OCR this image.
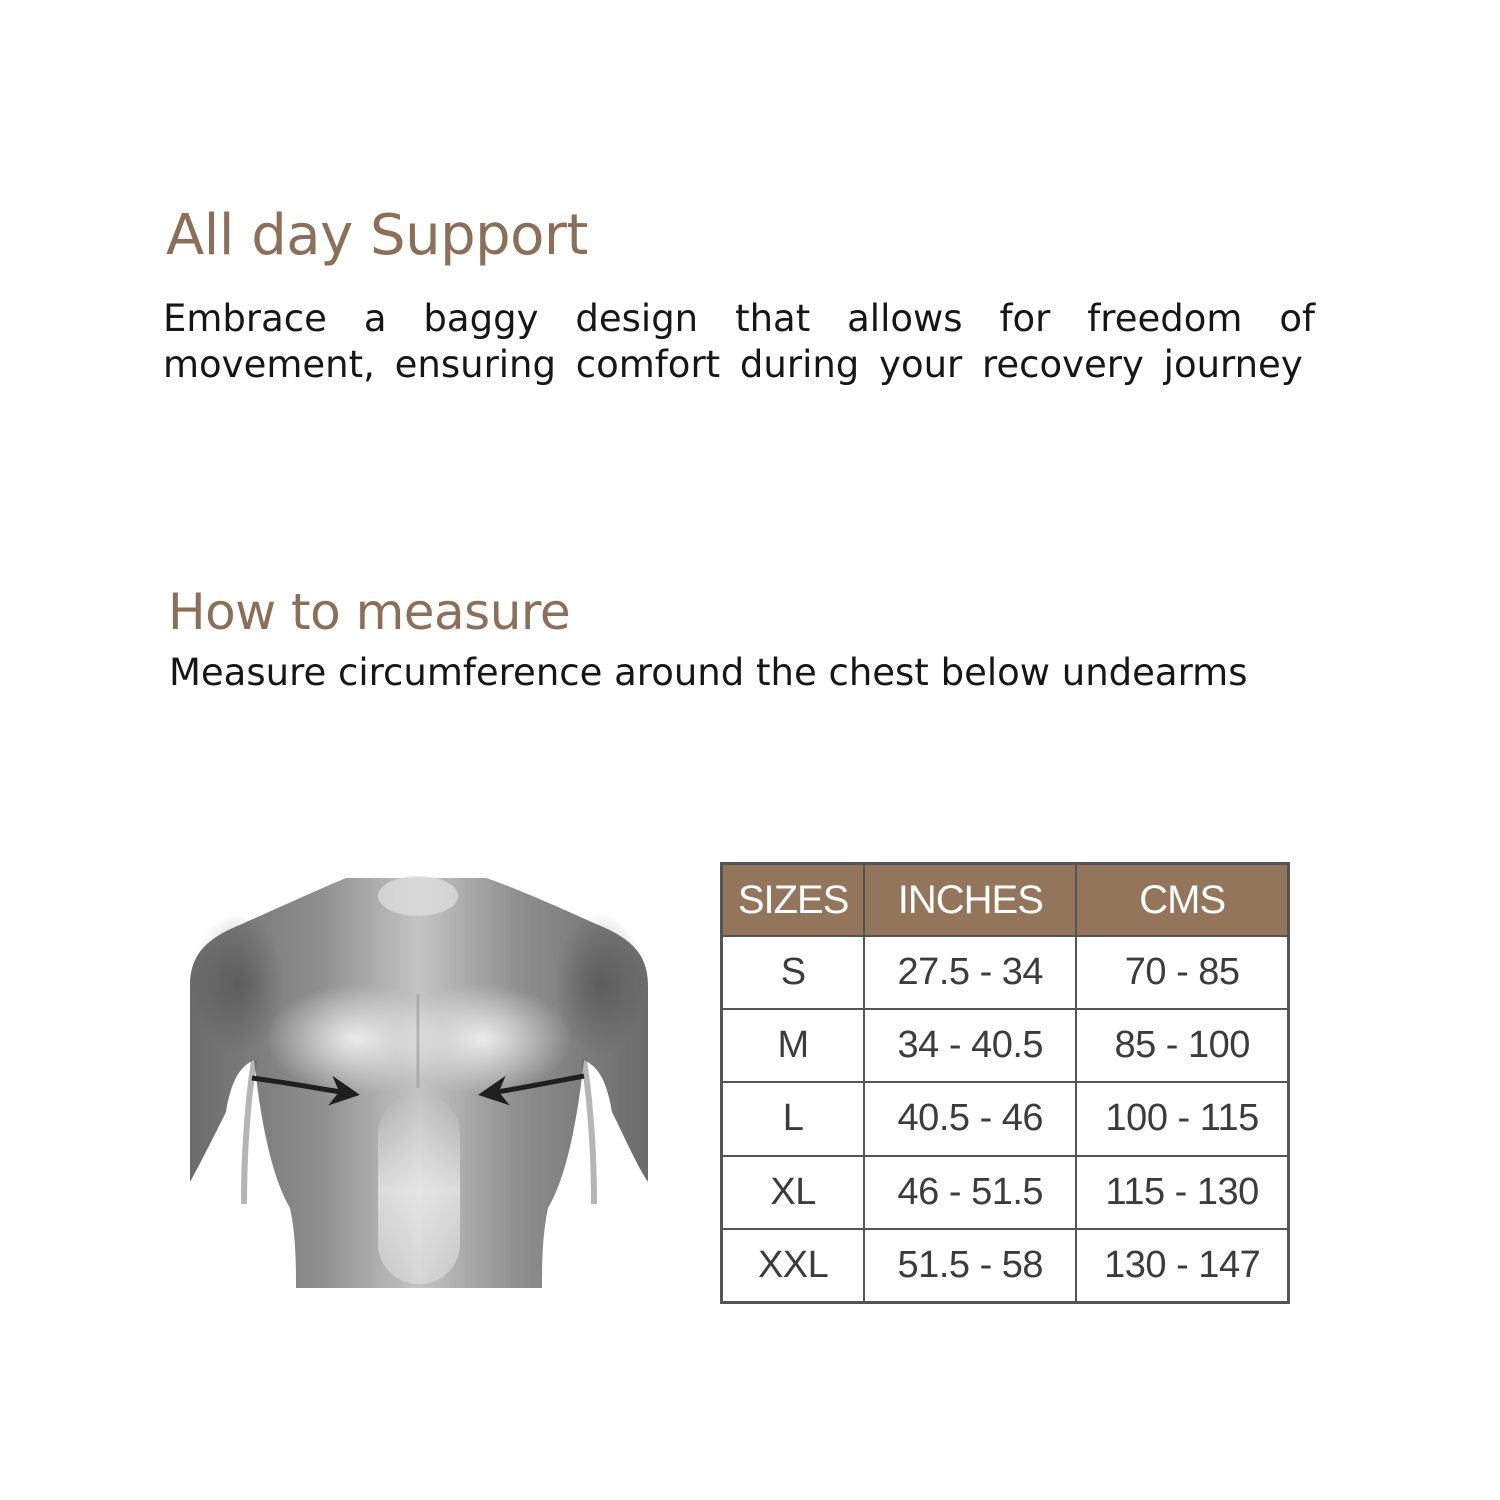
All day Support

Embrace a baggy design that allows for freedom of movement, ensuring comfort during your recovery journey

How to measure

Measure circumference around the chest below undearms

SIZES	INCHES	CMS
S	27.5 - 34	70 - 85
M	34 - 40.5	85 - 100
L	40.5 - 46	100 - 115
XL	46 - 51.5	115 - 130
XXL	51.5 - 58	130 - 147
